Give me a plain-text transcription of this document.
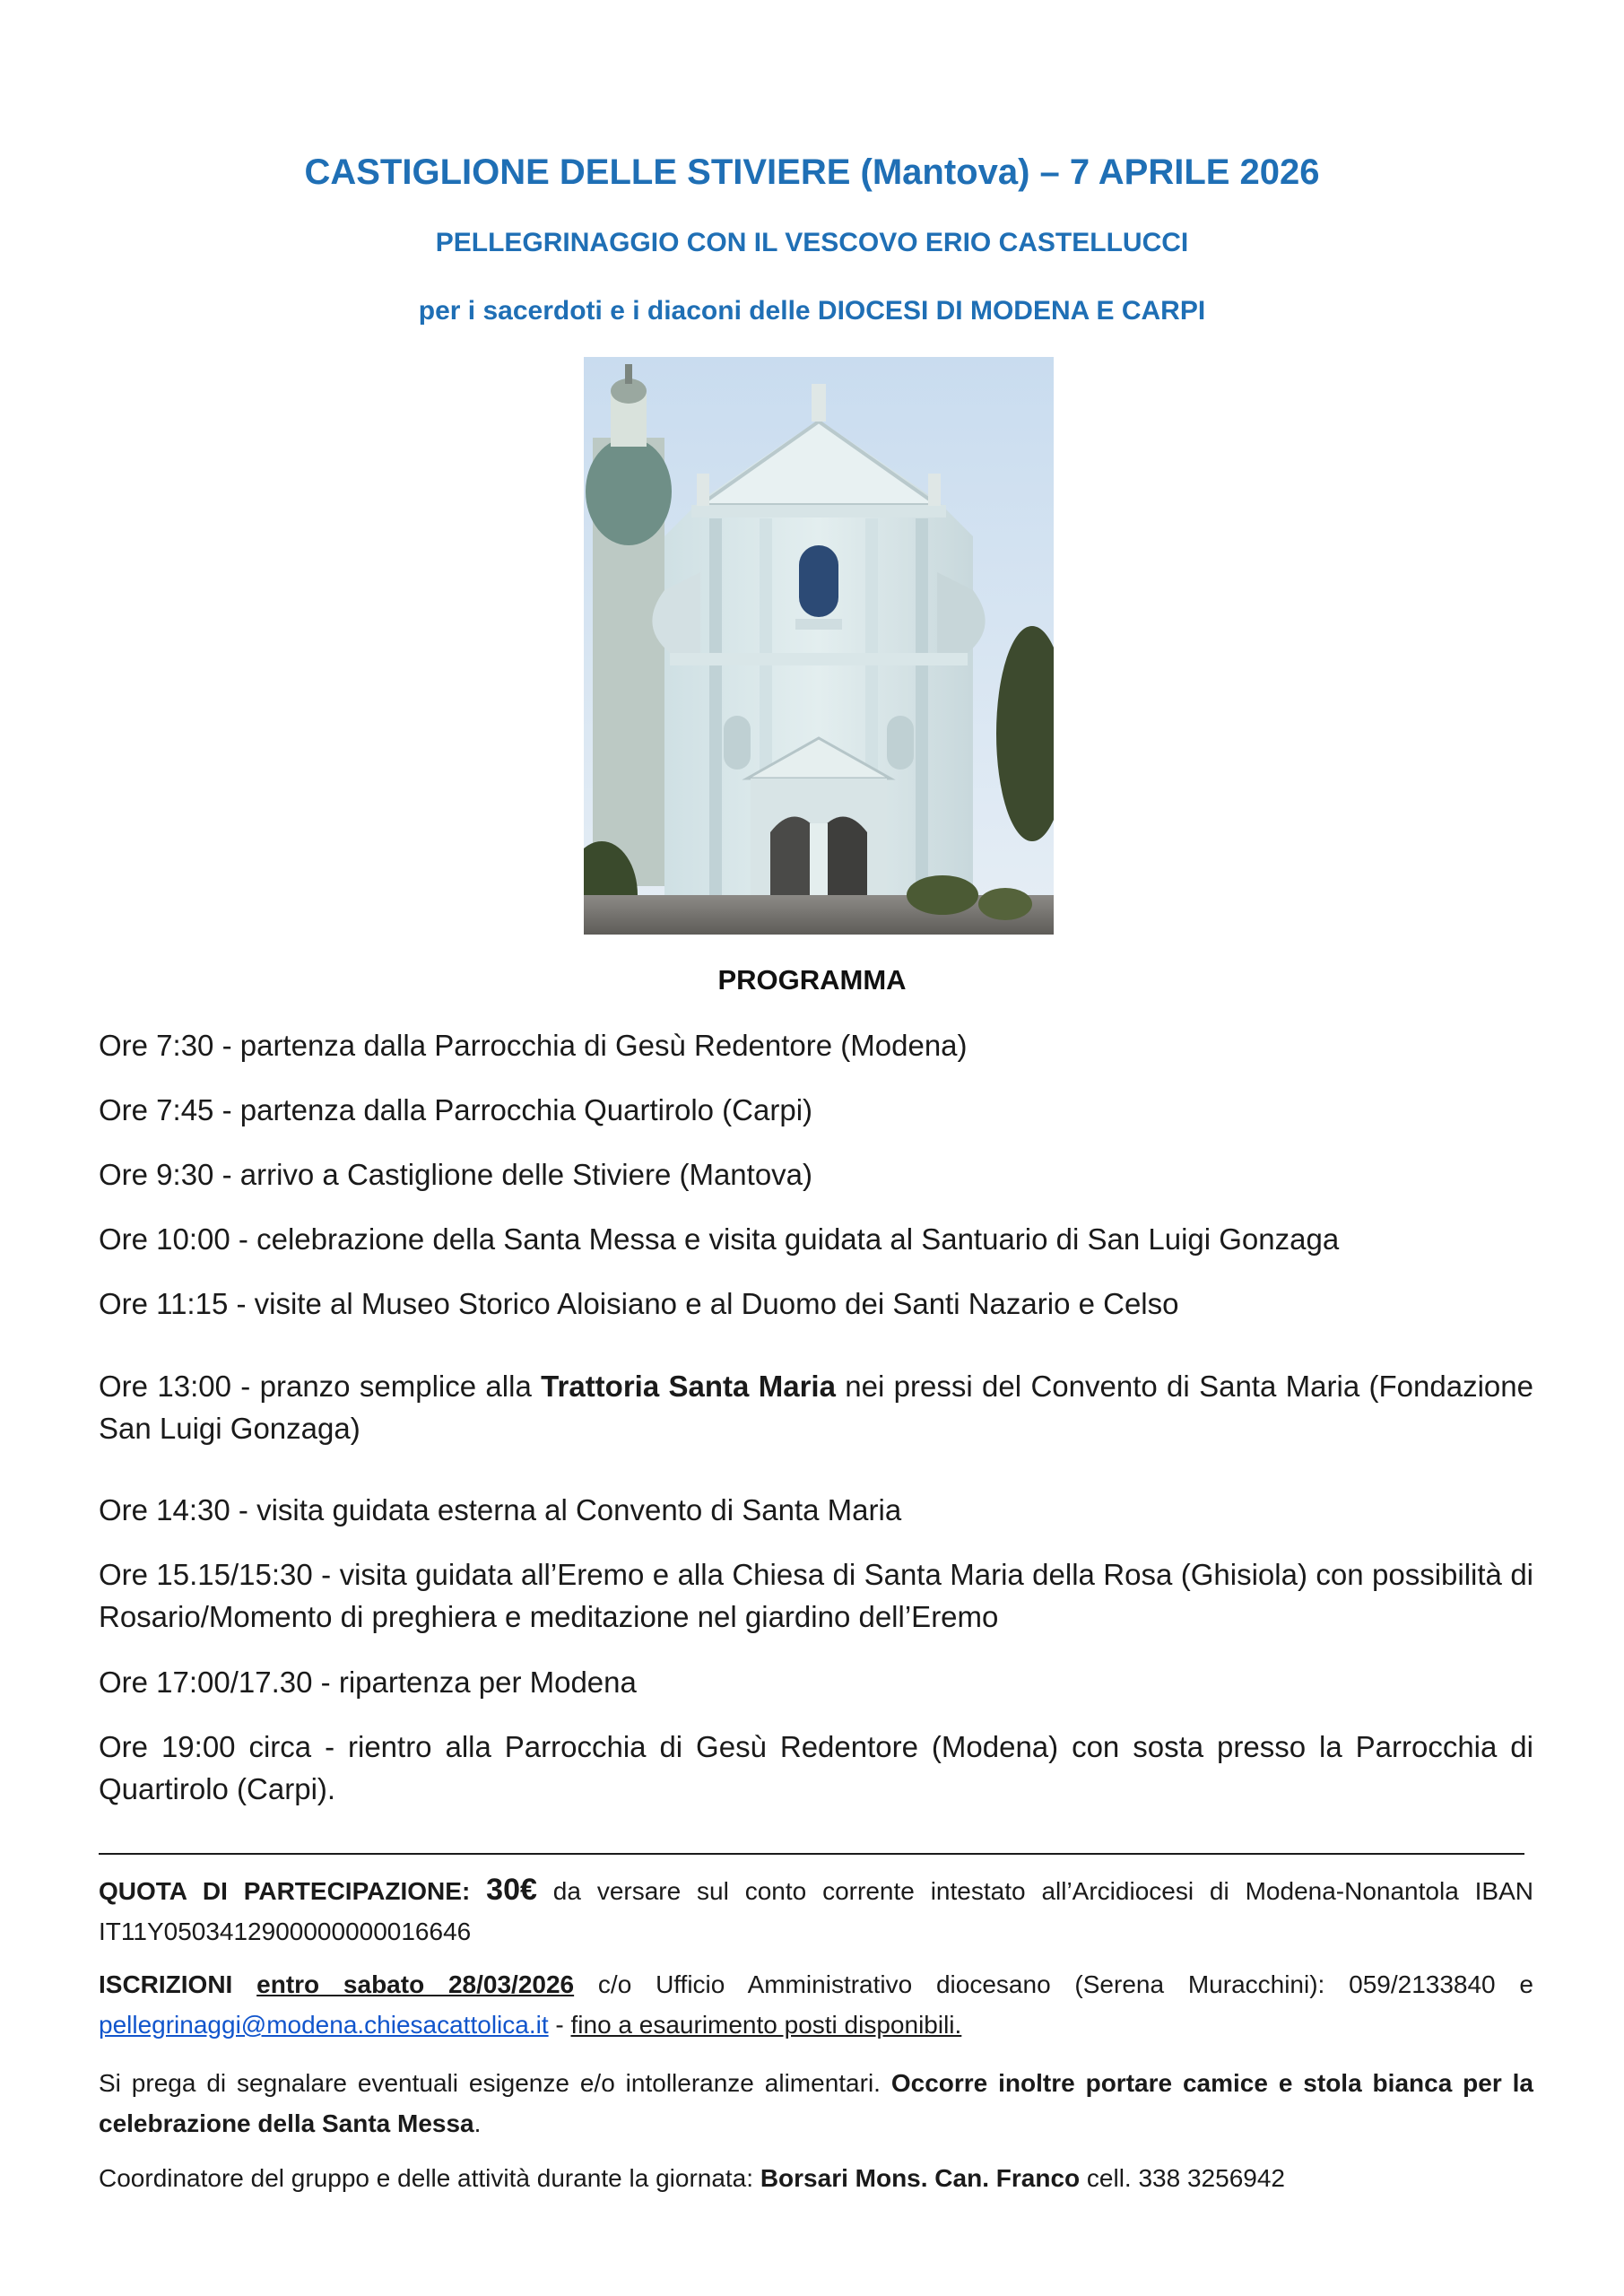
CASTIGLIONE DELLE STIVIERE (Mantova) – 7 APRILE 2026
PELLEGRINAGGIO CON IL VESCOVO ERIO CASTELLUCCI
per i sacerdoti e i diaconi delle DIOCESI DI MODENA E CARPI
PROGRAMMA
Ore 7:30 - partenza dalla Parrocchia di Gesù Redentore (Modena)
Ore 7:45 - partenza dalla Parrocchia Quartirolo (Carpi)
Ore 9:30 - arrivo a Castiglione delle Stiviere (Mantova)
Ore 10:00 - celebrazione della Santa Messa e visita guidata al Santuario di San Luigi Gonzaga
Ore 11:15 - visite al Museo Storico Aloisiano e al Duomo dei Santi Nazario e Celso
Ore 13:00 - pranzo semplice alla Trattoria Santa Maria nei pressi del Convento di Santa Maria (Fondazione San Luigi Gonzaga)
Ore 14:30 - visita guidata esterna al Convento di Santa Maria
Ore 15.15/15:30 - visita guidata all’Eremo e alla Chiesa di Santa Maria della Rosa (Ghisiola) con possibilità di Rosario/Momento di preghiera e meditazione nel giardino dell’Eremo
Ore 17:00/17.30 - ripartenza per Modena
Ore 19:00 circa - rientro alla Parrocchia di Gesù Redentore (Modena) con sosta presso la Parrocchia di Quartirolo (Carpi).
QUOTA DI PARTECIPAZIONE: 30€ da versare sul conto corrente intestato all’Arcidiocesi di Modena-Nonantola IBAN IT11Y0503412900000000016646
ISCRIZIONI entro sabato 28/03/2026 c/o Ufficio Amministrativo diocesano (Serena Muracchini): 059/2133840 e pellegrinaggi@modena.chiesacattolica.it - fino a esaurimento posti disponibili.
Si prega di segnalare eventuali esigenze e/o intolleranze alimentari. Occorre inoltre portare camice e stola bianca per la celebrazione della Santa Messa.
Coordinatore del gruppo e delle attività durante la giornata: Borsari Mons. Can. Franco cell. 338 3256942
